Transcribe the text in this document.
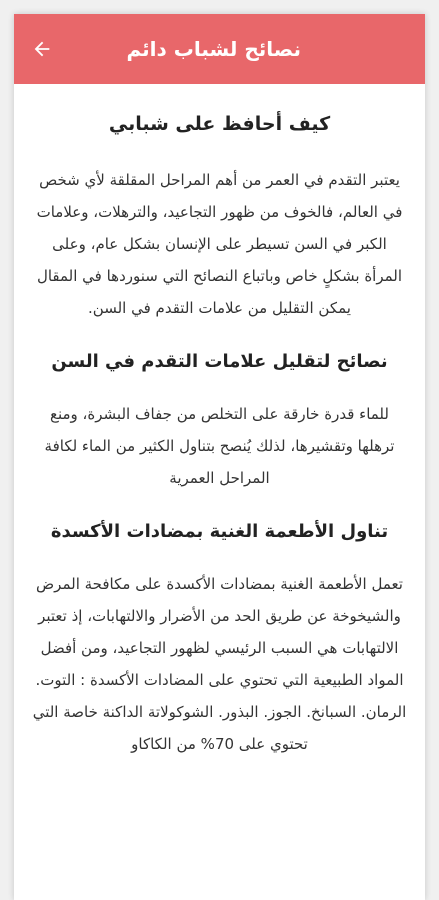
نصائح لشباب دائم
كيف أحافظ على شبابي

يعتبر التقدم في العمر من أهم المراحل المقلقة لأي شخص في العالم، فالخوف من ظهور التجاعيد، والترهلات، وعلامات الكبر في السن تسيطر على الإنسان بشكل عام، وعلى المرأة بشكلٍ خاص وباتباع النصائح التي سنوردها في المقال يمكن التقليل من علامات التقدم في السن.

نصائح لتقليل علامات التقدم في السن

للماء قدرة خارقة على التخلص من جفاف البشرة، ومنع ترهلها وتقشيرها، لذلك يُنصح بتناول الكثير من الماء لكافة المراحل العمرية

تناول الأطعمة الغنية بمضادات الأكسدة

تعمل الأطعمة الغنية بمضادات الأكسدة على مكافحة المرض والشيخوخة عن طريق الحد من الأضرار والالتهابات، إذ تعتبر الالتهابات هي السبب الرئيسي لظهور التجاعيد، ومن أفضل المواد الطبيعية التي تحتوي على المضادات الأكسدة : التوت. الرمان. السبانخ. الجوز. البذور. الشوكولاتة الداكنة خاصة التي تحتوي على 70% من الكاكاو
